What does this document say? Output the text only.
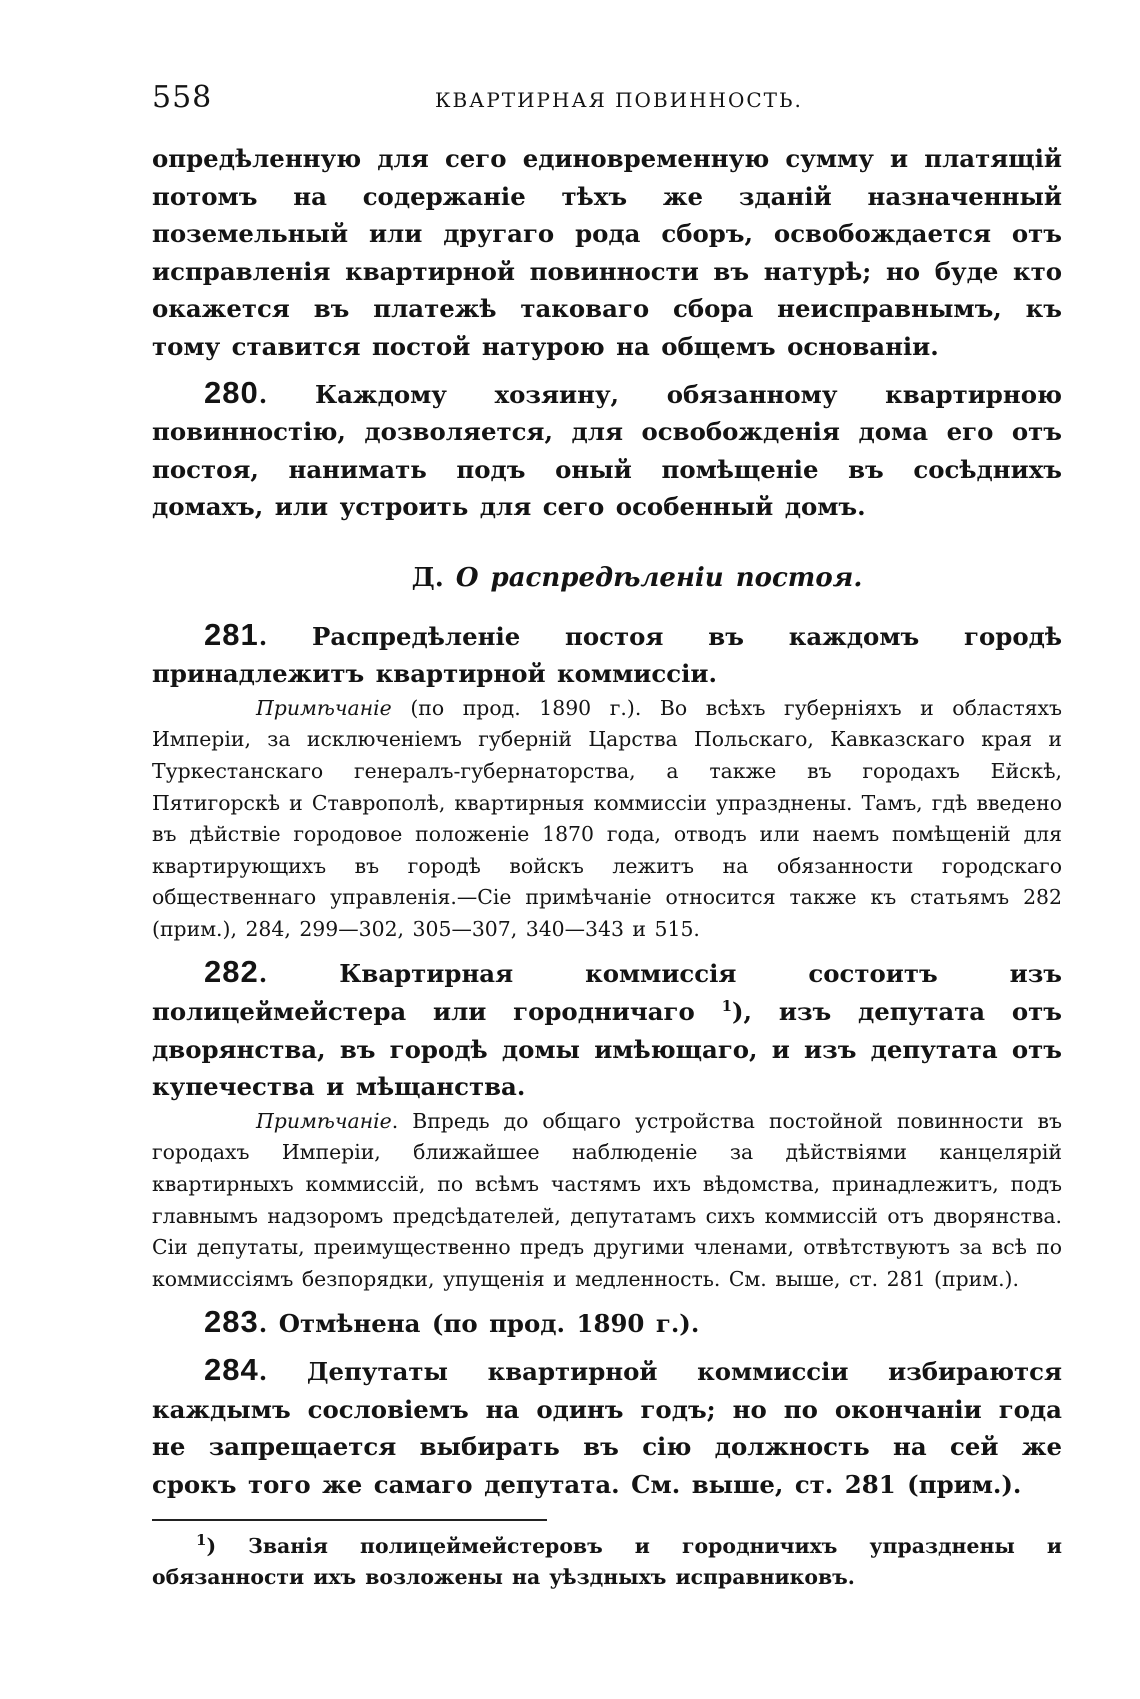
558	КВАРТИРНАЯ ПОВИННОСТЬ.

опредѣленную для сего единовременную сумму и платящій потомъ на содержаніе тѣхъ же зданій назначенный поземельный или другаго рода сборъ, освобождается отъ исправленія квартирной повинности въ натурѣ; но буде кто окажется въ платежѣ таковаго сбора неисправнымъ, къ тому ставится постой натурою на общемъ основаніи.

280. Каждому хозяину, обязанному квартирною повинностію, дозволяется, для освобожденія дома его отъ постоя, нанимать подъ оный помѣщеніе въ сосѣднихъ домахъ, или устроить для сего особенный домъ.

Д. О распредѣленіи постоя.

281. Распредѣленіе постоя въ каждомъ городѣ принадлежитъ квартирной коммиссіи.

Примѣчаніе (по прод. 1890 г.). Во всѣхъ губерніяхъ и областяхъ Имперіи, за исключеніемъ губерній Царства Польскаго, Кавказскаго края и Туркестанскаго генералъ-губернаторства, а также въ городахъ Ейскѣ, Пятигорскѣ и Ставрополѣ, квартирныя коммиссіи упразднены. Тамъ, гдѣ введено въ дѣйствіе городовое положеніе 1870 года, отводъ или наемъ помѣщеній для квартирующихъ въ городѣ войскъ лежитъ на обязанности городскаго общественнаго управленія.—Сіе примѣчаніе относится также къ статьямъ 282 (прим.), 284, 299—302, 305—307, 340—343 и 515.

282. Квартирная коммиссія состоитъ изъ полицеймейстера или городничаго $^1$), изъ депутата отъ дворянства, въ городѣ домы имѣющаго, и изъ депутата отъ купечества и мѣщанства.

Примѣчаніе. Впредь до общаго устройства постойной повинности въ городахъ Имперіи, ближайшее наблюденіе за дѣйствіями канцелярій квартирныхъ коммиссій, по всѣмъ частямъ ихъ вѣдомства, принадлежитъ, подъ главнымъ надзоромъ предсѣдателей, депутатамъ сихъ коммиссій отъ дворянства. Сіи депутаты, преимущественно предъ другими членами, отвѣтствуютъ за всѣ по коммиссіямъ безпорядки, упущенія и медленность. См. выше, ст. 281 (прим.).

283. Отмѣнена (по прод. 1890 г.).

284. Депутаты квартирной коммиссіи избираются каждымъ сословіемъ на одинъ годъ; но по окончаніи года не запрещается выбирать въ сію должность на сей же срокъ того же самаго депутата. См. выше, ст. 281 (прим.).

$^1$) Званія полицеймейстеровъ и городничихъ упразднены и обязанности ихъ возложены на уѣздныхъ исправниковъ.
